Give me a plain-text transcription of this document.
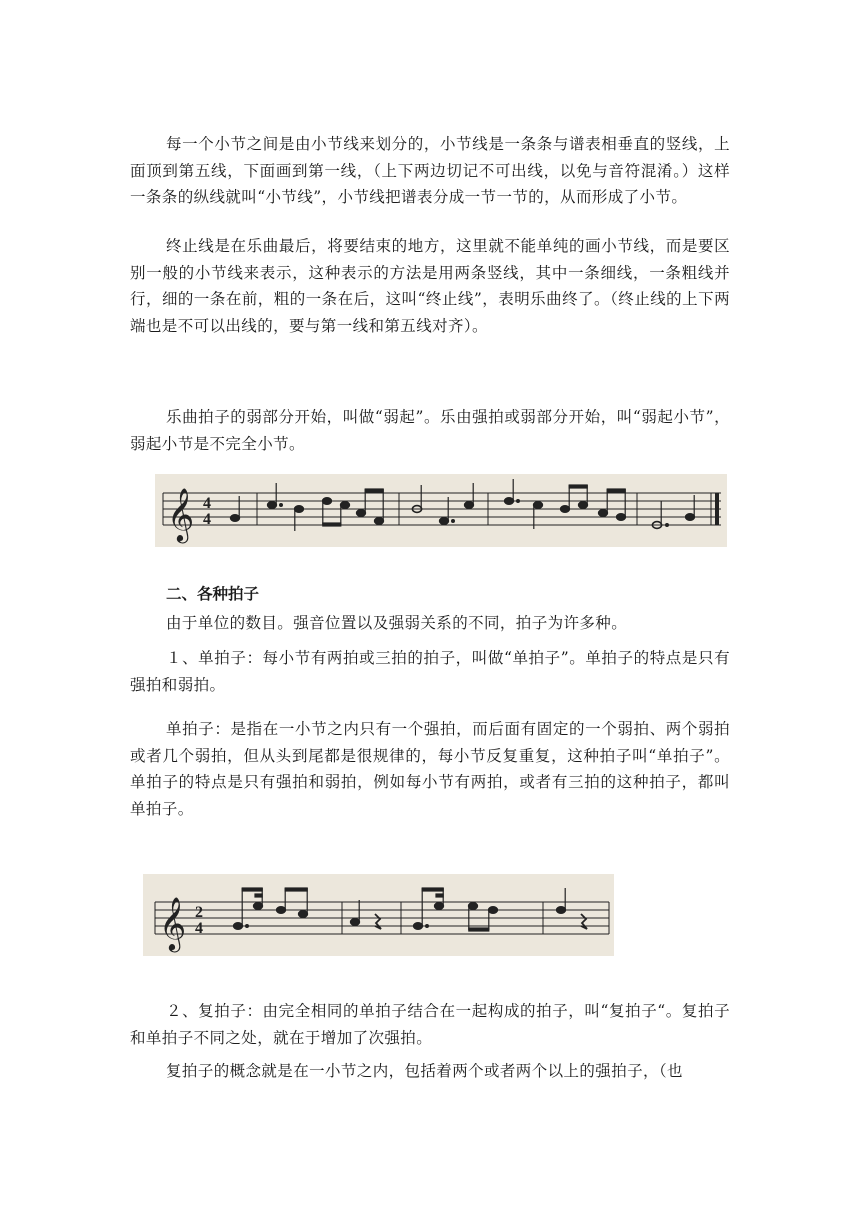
每一个小节之间是由小节线来划分的，小节线是一条条与谱表相垂直的竖线，上面顶到第五线，下面画到第一线，（上下两边切记不可出线，以免与音符混淆。）这样一条条的纵线就叫“小节线”，小节线把谱表分成一节一节的，从而形成了小节。

终止线是在乐曲最后，将要结束的地方，这里就不能单纯的画小节线，而是要区别一般的小节线来表示，这种表示的方法是用两条竖线，其中一条细线，一条粗线并行，细的一条在前，粗的一条在后，这叫“终止线”，表明乐曲终了。（终止线的上下两端也是不可以出线的，要与第一线和第五线对齐）。

乐曲拍子的弱部分开始，叫做“弱起”。乐由强拍或弱部分开始，叫“弱起小节”，弱起小节是不完全小节。

𝄞 4
4
二、各种拍子

由于单位的数目。强音位置以及强弱关系的不同，拍子为许多种。

１、单拍子：每小节有两拍或三拍的拍子，叫做“单拍子”。单拍子的特点是只有强拍和弱拍。

单拍子：是指在一小节之内只有一个强拍，而后面有固定的一个弱拍、两个弱拍或者几个弱拍，但从头到尾都是很规律的，每小节反复重复，这种拍子叫“单拍子”。单拍子的特点是只有强拍和弱拍，例如每小节有两拍，或者有三拍的这种拍子，都叫单拍子。

𝄞 2
4

２、复拍子：由完全相同的单拍子结合在一起构成的拍子，叫“复拍子“。复拍子和单拍子不同之处，就在于增加了次强拍。

复拍子的概念就是在一小节之内，包括着两个或者两个以上的强拍子，（也
